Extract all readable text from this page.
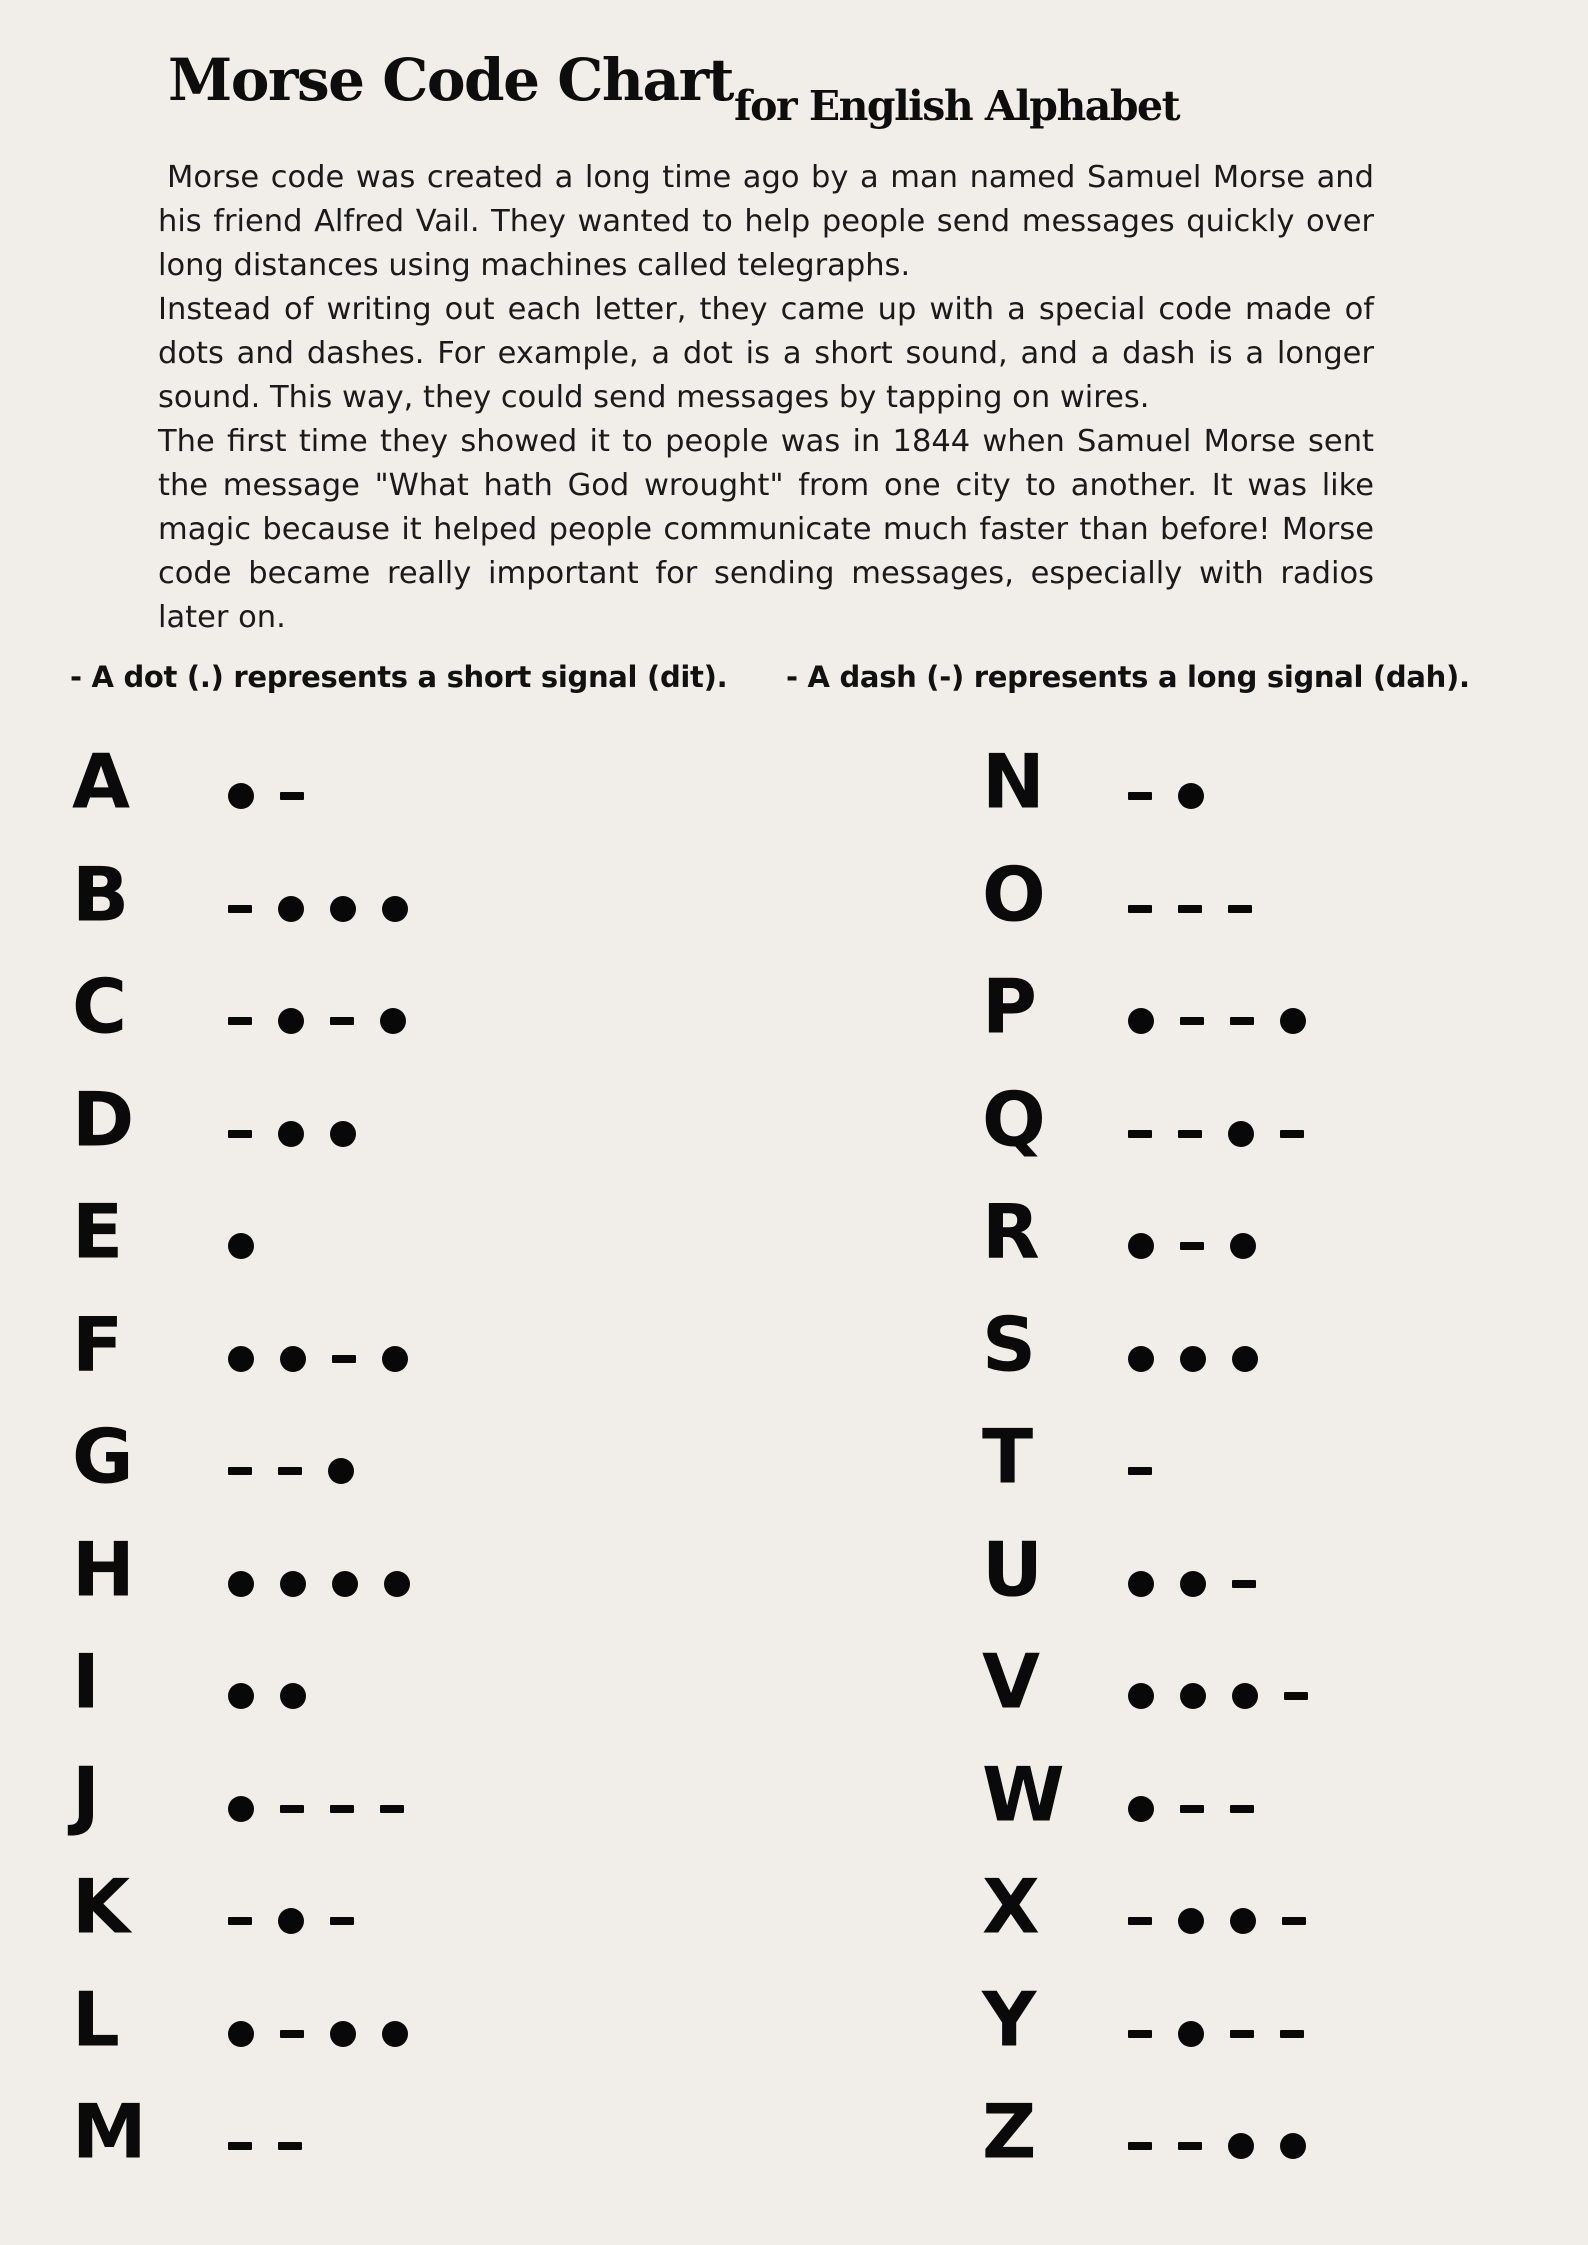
Morse Code Chart for English Alphabet

Morse code was created a long time ago by a man named Samuel Morse and his friend Alfred Vail. They wanted to help people send messages quickly over long distances using machines called telegraphs.

Instead of writing out each letter, they came up with a special code made of dots and dashes. For example, a dot is a short sound, and a dash is a longer sound. This way, they could send messages by tapping on wires.

The first time they showed it to people was in 1844 when Samuel Morse sent the message "What hath God wrought" from one city to another. It was like magic because it helped people communicate much faster than before! Morse code became really important for sending messages, especially with radios later on.

- A dot (.) represents a short signal (dit). - A dash (-) represents a long signal (dah).
A
B
C
D
E
F
G
H
I
J
K
L
M
N
O
P
Q
R
S
T
U
V
W
X
Y
Z
